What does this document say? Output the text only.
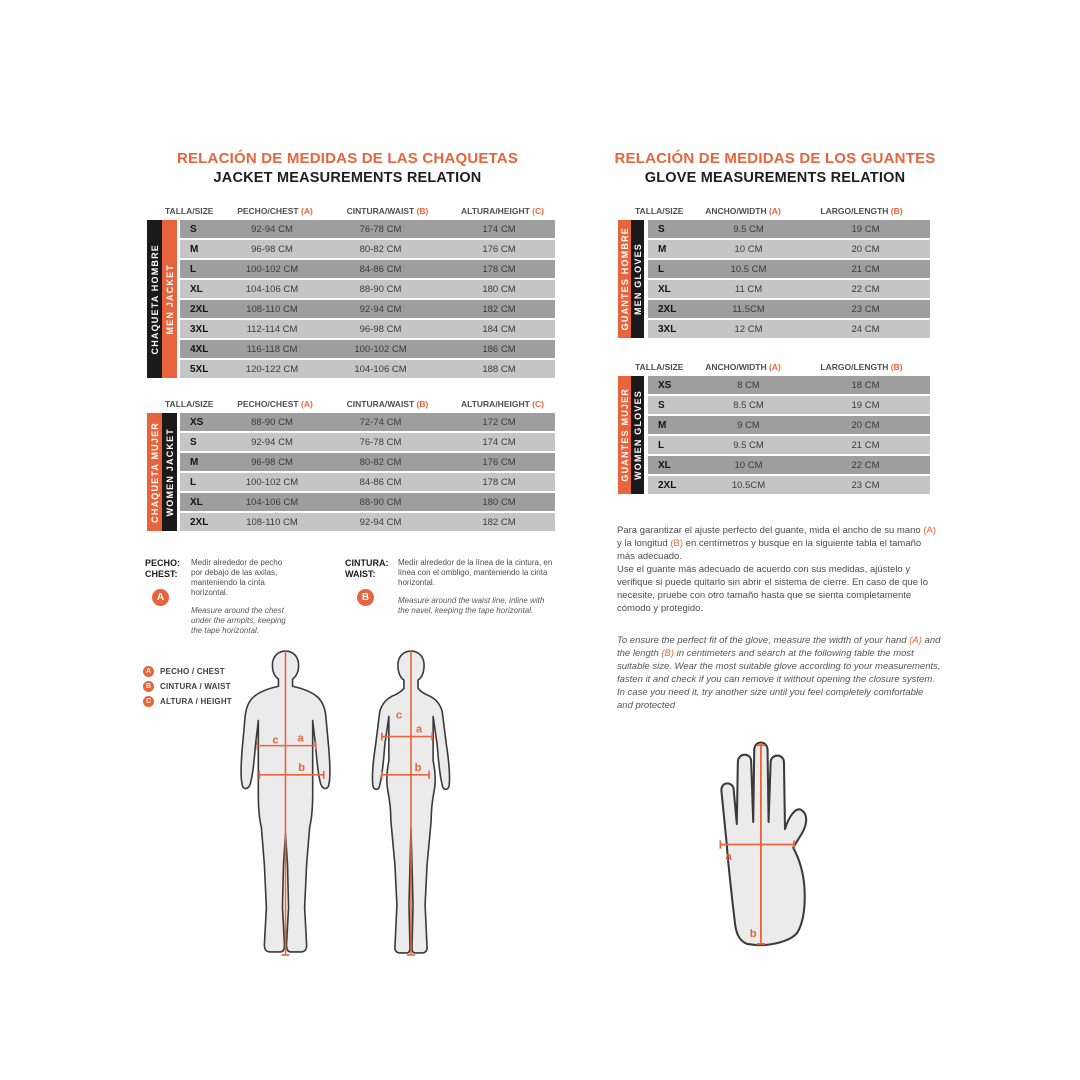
RELACIÓN DE MEDIDAS DE LAS CHAQUETAS
JACKET MEASUREMENTS RELATION
RELACIÓN DE MEDIDAS DE LOS GUANTES
GLOVE MEASUREMENTS RELATION
TALLA/SIZE	PECHO/CHEST (A)	CINTURA/WAIST (B)	ALTURA/HEIGHT (C)
CHAQUETA HOMBRE MEN JACKET
S	92-94 CM	76-78 CM	174 CM
M	96-98 CM	80-82 CM	176 CM
L	100-102 CM	84-86 CM	178 CM
XL	104-106 CM	88-90 CM	180 CM
2XL	108-110 CM	92-94 CM	182 CM
3XL	112-114 CM	96-98 CM	184 CM
4XL	116-118 CM	100-102 CM	186 CM
5XL	120-122 CM	104-106 CM	188 CM
TALLA/SIZE	PECHO/CHEST (A)	CINTURA/WAIST (B)	ALTURA/HEIGHT (C)
CHAQUETA MUJER WOMEN JACKET
XS	88-90 CM	72-74 CM	172 CM
S	92-94 CM	76-78 CM	174 CM
M	96-98 CM	80-82 CM	176 CM
L	100-102 CM	84-86 CM	178 CM
XL	104-106 CM	88-90 CM	180 CM
2XL	108-110 CM	92-94 CM	182 CM
TALLA/SIZE	ANCHO/WIDTH (A)	LARGO/LENGTH (B)
GUANTES HOMBRE MEN GLOVES
S	9.5 CM	19 CM
M	10 CM	20 CM
L	10.5 CM	21 CM
XL	11 CM	22 CM
2XL	11.5CM	23 CM
3XL	12 CM	24 CM
TALLA/SIZE	ANCHO/WIDTH (A)	LARGO/LENGTH (B)
GUANTES MUJER WOMEN GLOVES
XS	8 CM	18 CM
S	8.5 CM	19 CM
M	9 CM	20 CM
L	9.5 CM	21 CM
XL	10 CM	22 CM
2XL	10.5CM	23 CM
PECHO:
CHEST:
A
Medir alrededor de pecho por debajo de las axilas, manteniendo la cinta horizontal.
Measure around the chest under the armpits, keeping the tape horizontal.
CINTURA:
WAIST:
B
Medir alrededor de la línea de la cintura, en línea con el ombligo, manteniendo la cinta horizontal.
Measure around the waist line, inline with the navel, keeping the tape horizontal.
A	PECHO / CHEST
B	CINTURA / WAIST
C	ALTURA / HEIGHT
c a
b
c
a
b

Para garantizar el ajuste perfecto del guante, mida el ancho de su mano (A) y la longitud (B) en centímetros y busque en la siguiente tabla el tamaño más adecuado.

Use el guante más adecuado de acuerdo con sus medidas, ajústelo y verifique si puede quitarlo sin abrir el sistema de cierre. En caso de que lo necesite, pruebe con otro tamaño hasta que se sienta completamente cómodo y protegido.

To ensure the perfect fit of the glove, measure the width of your hand (A) and the length (B) in centimeters and search at the following table the most suitable size. Wear the most suitable glove according to your measurements, fasten it and check if you can remove it without opening the closure system.

In case you need it, try another size until you feel completely comfortable and protected

a
b
